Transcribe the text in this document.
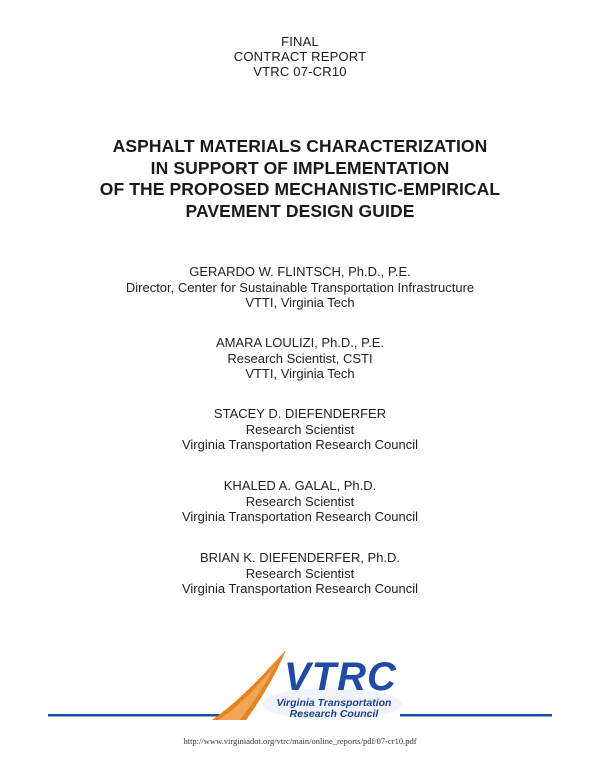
FINAL
CONTRACT REPORT
VTRC 07-CR10
ASPHALT MATERIALS CHARACTERIZATION
IN SUPPORT OF IMPLEMENTATION
OF THE PROPOSED MECHANISTIC-EMPIRICAL
PAVEMENT DESIGN GUIDE
GERARDO W. FLINTSCH, Ph.D., P.E.
Director, Center for Sustainable Transportation Infrastructure
VTTI, Virginia Tech
AMARA LOULIZI, Ph.D., P.E.
Research Scientist, CSTI
VTTI, Virginia Tech
STACEY D. DIEFENDERFER
Research Scientist
Virginia Transportation Research Council
KHALED A. GALAL, Ph.D.
Research Scientist
Virginia Transportation Research Council
BRIAN K. DIEFENDERFER, Ph.D.
Research Scientist
Virginia Transportation Research Council
VTRC
Virginia Transportation
Research Council
http://www.virginiadot.org/vtrc/main/online_reports/pdf/07-cr10.pdf
